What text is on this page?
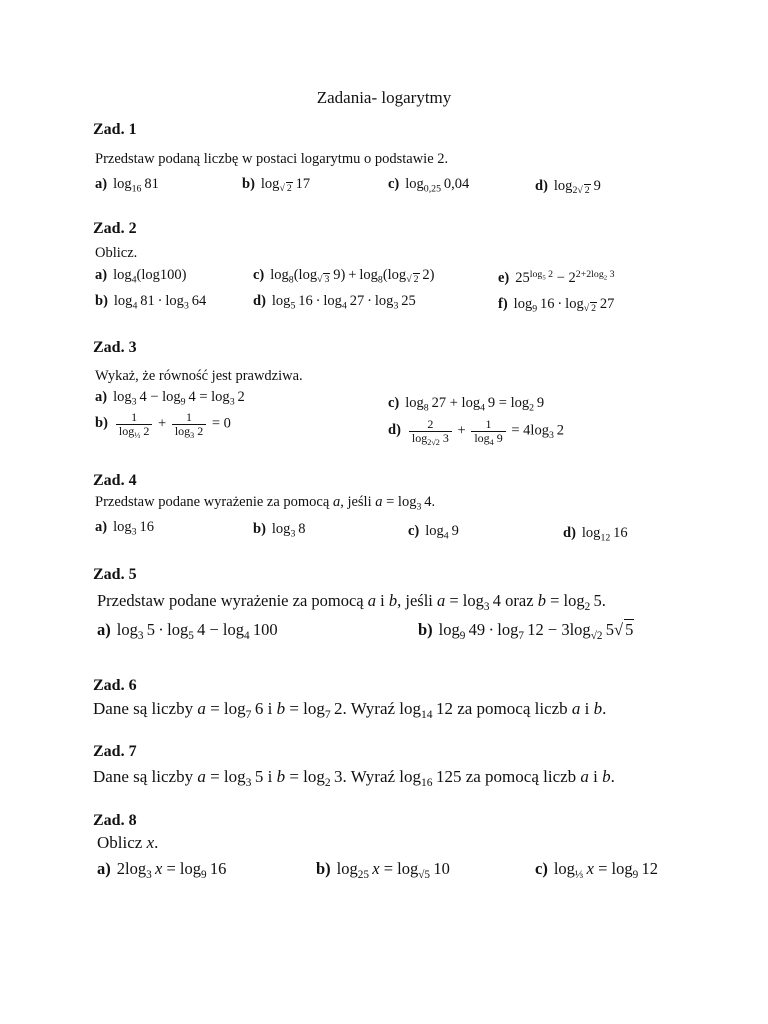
Zadania- logarytmy
Zad. 1
Przedstaw podaną liczbę w postaci logarytmu o podstawie 2.
a) $\log_{16} 81$	b) $\log_{√ 2} 17$	c) $\log_{0,25} 0,04$	d) $\log_{2√ 2} 9$
Zad. 2
Oblicz.
a) $\log_4(\log 100)$	c) $\log_8(\log_{√ 3}$ $9) + \log_8(\log_{√ 2}$ 2)	e) $25^{log_5 2} - 2^{2+2log_2 3}$
b) $\log_4 81 \cdot \log_3 64$	d) $\log_5 16 \cdot \log_4 27 \cdot \log_3 25$	f) $\log_9 16 \cdot \log_{√ 2} 27$
Zad. 3
Wykaż, że równość jest prawdziwa.
a) $\log_3 4 - \log_9 4 = \log_3 2$	c) $\log_8 27 + \log_4 9 = \log_2 9$
$b) \frac{1}{\log_{\frac{1}{3}} 2} + \frac{1}{\log_3 2} = 0$	$d) \frac{2}{\log_{2√2} 3} + \frac{1}{\log_4 9} = 4\log_3$ 2
Zad. 4
Przedstaw podane wyrażenie za pomocą a, jeśli $a = \log_3 4$.
a) $\log_3 16$	b) $\log_3 8$	c) $\log_4 9$	d) $\log_{12} 16$
Zad. 5
Przedstaw podane wyrażenie za pomocą a i b, jeśli $a = \log_3 4$ oraz $b = \log_2 5$.
a) $\log_3 5 \cdot \log_5 4 - \log_4 100$	b) $\log_9 49 \cdot \log_7 12 - 3\log_{√2}$ 5√ 5
Zad. 6
Dane są liczby $a = \log_7 6$ i $b = \log_7 2$. Wyraź $\log_{14} 12$ za pomocą liczb a i b.
Zad. 7
Dane są liczby $a = \log_3 5$ i $b = \log_2 3$. Wyraź $\log_{16} 125$ za pomocą liczb a i b.
Zad. 8
Oblicz x.
a) $2\log_3$  $x = \log_9 16$	b) $\log_{25} x = \log_{√5} 10$	c) $\log_{\frac{1}{3}} x = \log_9 12$
